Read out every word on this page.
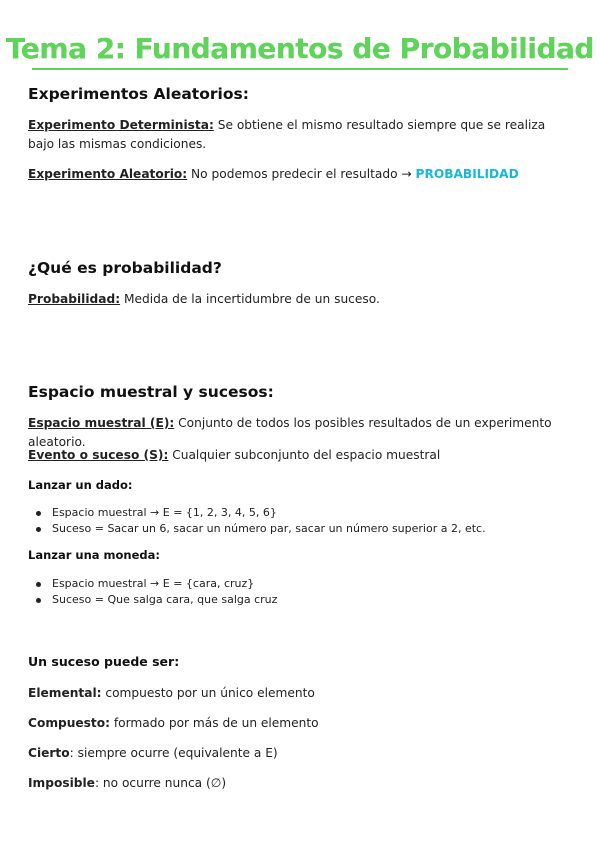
Tema 2: Fundamentos de Probabilidad
Experimentos Aleatorios:
Experimento Determinista: Se obtiene el mismo resultado siempre que se realiza bajo las mismas condiciones.
Experimento Aleatorio: No podemos predecir el resultado → PROBABILIDAD
¿Qué es probabilidad?
Probabilidad: Medida de la incertidumbre de un suceso.
Espacio muestral y sucesos:
Espacio muestral (E): Conjunto de todos los posibles resultados de un experimento aleatorio.
Evento o suceso (S): Cualquier subconjunto del espacio muestral
Lanzar un dado:
Espacio muestral → E = {1, 2, 3, 4, 5, 6}
Suceso = Sacar un 6, sacar un número par, sacar un número superior a 2, etc.
Lanzar una moneda:
Espacio muestral → E = {cara, cruz}
Suceso = Que salga cara, que salga cruz
Un suceso puede ser:
Elemental: compuesto por un único elemento
Compuesto: formado por más de un elemento
Cierto: siempre ocurre (equivalente a E)
Imposible: no ocurre nunca (∅)
